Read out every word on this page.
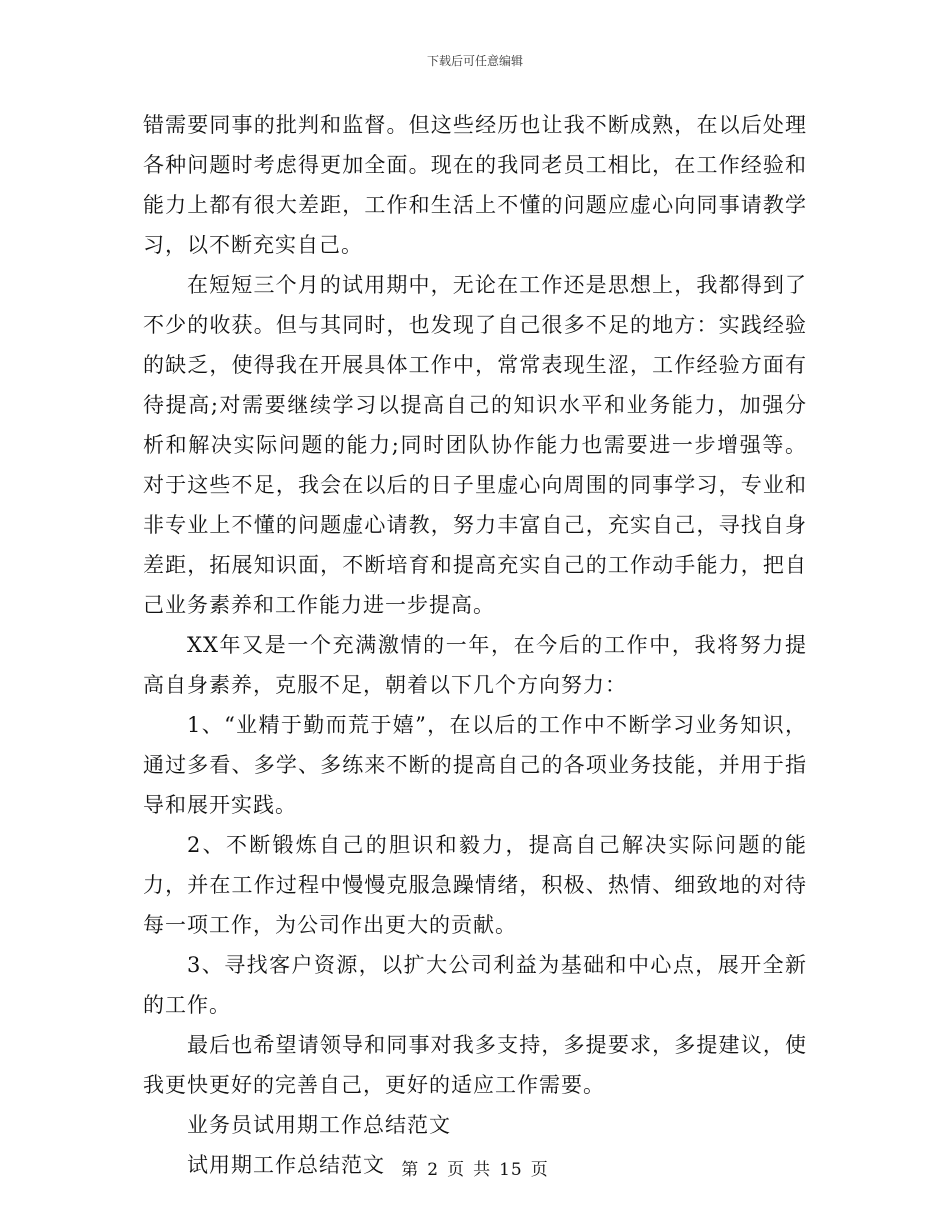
下载后可任意编辑

错需要同事的批判和监督。但这些经历也让我不断成熟，在以后处理各种问题时考虑得更加全面。现在的我同老员工相比，在工作经验和能力上都有很大差距，工作和生活上不懂的问题应虚心向同事请教学习，以不断充实自己。

在短短三个月的试用期中，无论在工作还是思想上，我都得到了不少的收获。但与其同时，也发现了自己很多不足的地方：实践经验的缺乏，使得我在开展具体工作中，常常表现生涩，工作经验方面有待提高;对需要继续学习以提高自己的知识水平和业务能力，加强分析和解决实际问题的能力;同时团队协作能力也需要进一步增强等。对于这些不足，我会在以后的日子里虚心向周围的同事学习，专业和非专业上不懂的问题虚心请教，努力丰富自己，充实自己，寻找自身差距，拓展知识面，不断培育和提高充实自己的工作动手能力，把自己业务素养和工作能力进一步提高。

XX年又是一个充满激情的一年，在今后的工作中，我将努力提高自身素养，克服不足，朝着以下几个方向努力：

1、“业精于勤而荒于嬉”，在以后的工作中不断学习业务知识，通过多看、多学、多练来不断的提高自己的各项业务技能，并用于指导和展开实践。

2、不断锻炼自己的胆识和毅力，提高自己解决实际问题的能力，并在工作过程中慢慢克服急躁情绪，积极、热情、细致地的对待每一项工作，为公司作出更大的贡献。

3、寻找客户资源，以扩大公司利益为基础和中心点，展开全新的工作。

最后也希望请领导和同事对我多支持，多提要求，多提建议，使我更快更好的完善自己，更好的适应工作需要。

业务员试用期工作总结范文

试用期工作总结范文 第 2 页 共 15 页
